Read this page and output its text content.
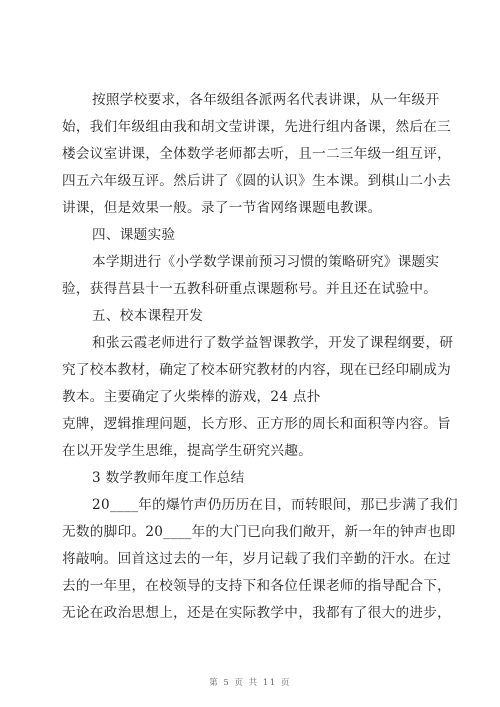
按照学校要求，各年级组各派两名代表讲课，从一年级开
始，我们年级组由我和胡文莹讲课，先进行组内备课，然后在三
楼会议室讲课，全体数学老师都去听，且一二三年级一组互评，
四五六年级互评。然后讲了《圆的认识》生本课。到棋山二小去
讲课，但是效果一般。录了一节省网络课题电教课。
四、课题实验
本学期进行《小学数学课前预习习惯的策略研究》课题实
验，获得莒县十一五教科研重点课题称号。并且还在试验中。
五、校本课程开发
和张云霞老师进行了数学益智课教学，开发了课程纲要，研
究了校本教材，确定了校本研究教材的内容，现在已经印刷成为
教本。主要确定了火柴棒的游戏，24 点扑
克牌，逻辑推理问题，长方形、正方形的周长和面积等内容。旨
在以开发学生思维，提高学生研究兴趣。
3 数学教师年度工作总结
20____年的爆竹声仍历历在目，而转眼间，那已步满了我们
无数的脚印。20____年的大门已向我们敞开，新一年的钟声也即
将敲响。回首这过去的一年，岁月记载了我们辛勤的汗水。在过
去的一年里，在校领导的支持下和各位任课老师的指导配合下，
无论在政治思想上，还是在实际教学中，我都有了很大的进步，
第 5 页 共 11 页
